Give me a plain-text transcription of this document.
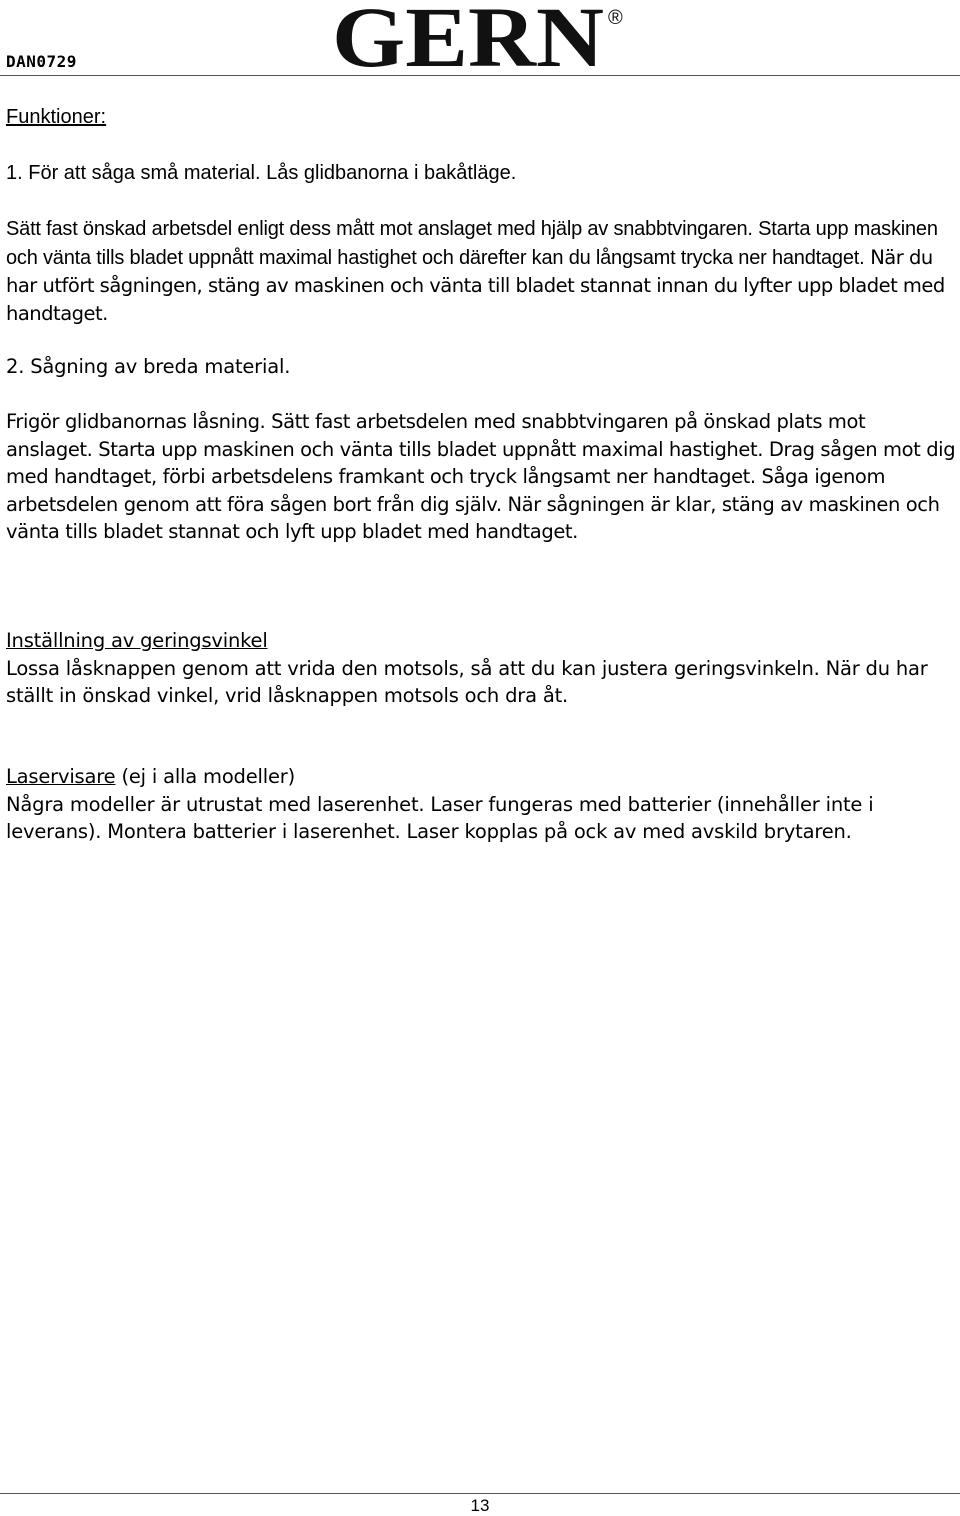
DAN0729	GERN ®

Funktioner:

1. För att såga små material. Lås glidbanorna i bakåtläge.

Sätt fast önskad arbetsdel enligt dess mått mot anslaget med hjälp av snabbtvingaren. Starta upp maskinen och vänta tills bladet uppnått maximal hastighet och därefter kan du långsamt trycka ner handtaget. När du har utfört sågningen, stäng av maskinen och vänta till bladet stannat innan du lyfter upp bladet med handtaget.

2. Sågning av breda material.

Frigör glidbanornas låsning. Sätt fast arbetsdelen med snabbtvingaren på önskad plats mot anslaget. Starta upp maskinen och vänta tills bladet uppnått maximal hastighet. Drag sågen mot dig med handtaget, förbi arbetsdelens framkant och tryck långsamt ner handtaget. Såga igenom arbetsdelen genom att föra sågen bort från dig själv. När sågningen är klar, stäng av maskinen och vänta tills bladet stannat och lyft upp bladet med handtaget.

Inställning av geringsvinkel

Lossa låsknappen genom att vrida den motsols, så att du kan justera geringsvinkeln. När du har ställt in önskad vinkel, vrid låsknappen motsols och dra åt.

Laservisare (ej i alla modeller)

Några modeller är utrustat med laserenhet. Laser fungeras med batterier (innehåller inte i leverans). Montera batterier i laserenhet. Laser kopplas på ock av med avskild brytaren.

13
